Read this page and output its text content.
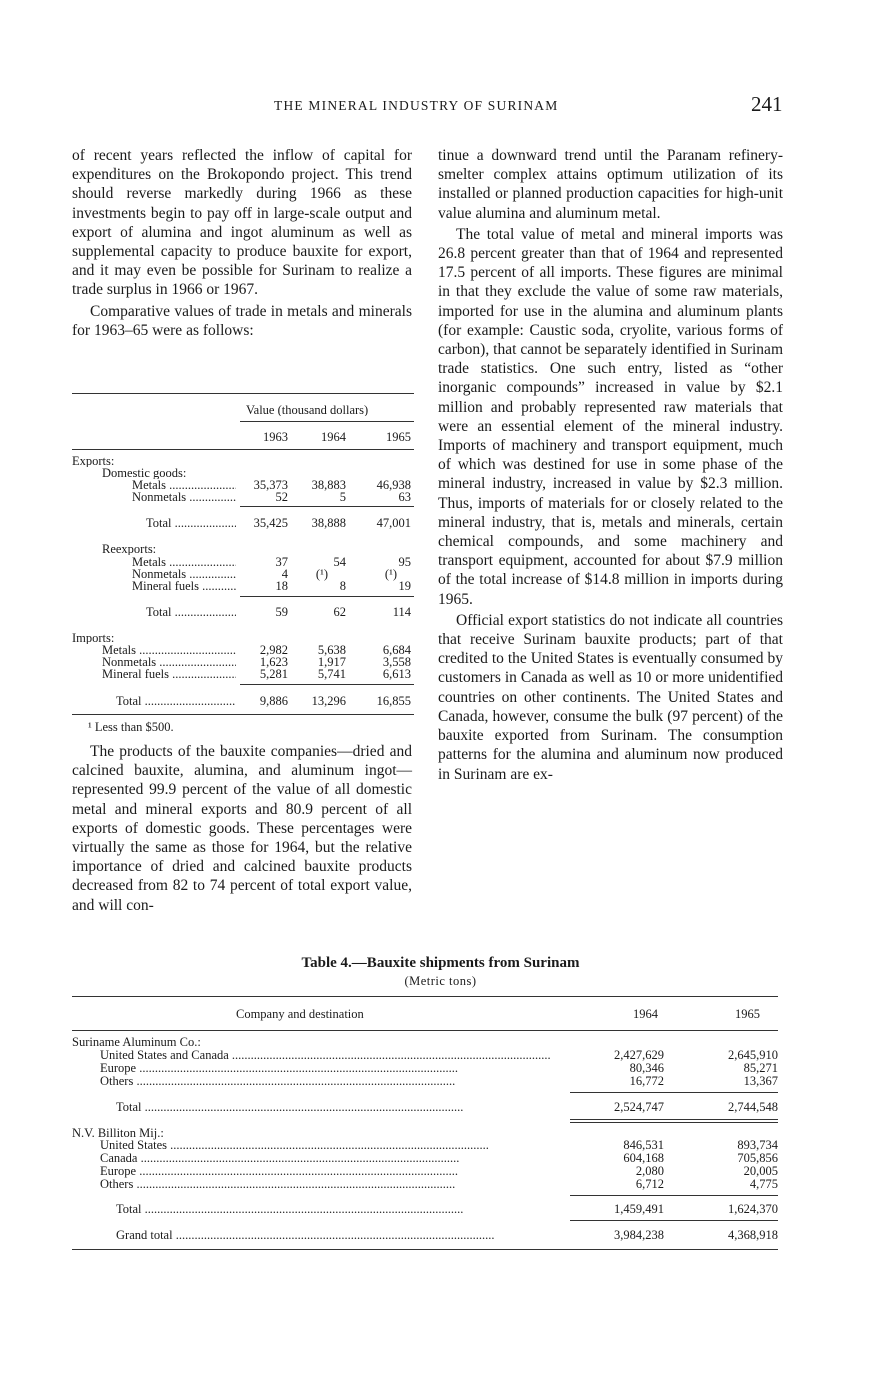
THE MINERAL INDUSTRY OF SURINAM	241

of recent years reflected the inflow of capital for expenditures on the Brokopondo project. This trend should reverse markedly during 1966 as these investments begin to pay off in large-scale output and export of alumina and ingot aluminum as well as supplemental capacity to produce bauxite for export, and it may even be possible for Surinam to realize a trade surplus in 1966 or 1967.

Comparative values of trade in metals and minerals for 1963–65 were as follows:

Value (thousand dollars)
1963	1964	1965
Exports:
Domestic goods:
Metals .....	35,373	38,883	46,938
Nonmetals .....	52	5	63
Total .....	35,425	38,888	47,001
Reexports:
Metals .....	37	54	95
Nonmetals .....	4	(¹)	(¹)
Mineral fuels .....	18	8	19
Total .....	59	62	114
Imports:
Metals .....	2,982	5,638	6,684
Nonmetals .....	1,623	1,917	3,558
Mineral fuels .....	5,281	5,741	6,613
Total .....	9,886	13,296	16,855
¹ Less than $500.

The products of the bauxite companies—dried and calcined bauxite, alumina, and aluminum ingot—represented 99.9 percent of the value of all domestic metal and mineral exports and 80.9 percent of all exports of domestic goods. These percentages were virtually the same as those for 1964, but the relative importance of dried and calcined bauxite products decreased from 82 to 74 percent of total export value, and will con-

tinue a downward trend until the Paranam refinery-smelter complex attains optimum utilization of its installed or planned production capacities for high-unit value alumina and aluminum metal.

The total value of metal and mineral imports was 26.8 percent greater than that of 1964 and represented 17.5 percent of all imports. These figures are minimal in that they exclude the value of some raw materials, imported for use in the alumina and aluminum plants (for example: Caustic soda, cryolite, various forms of carbon), that cannot be separately identified in Surinam trade statistics. One such entry, listed as “other inorganic compounds” increased in value by $2.1 million and probably represented raw materials that were an essential element of the mineral industry. Imports of machinery and transport equipment, much of which was destined for use in some phase of the mineral industry, increased in value by $2.3 million. Thus, imports of materials for or closely related to the mineral industry, that is, metals and minerals, certain chemical compounds, and some machinery and transport equipment, accounted for about $7.9 million of the total increase of $14.8 million in imports during 1965.

Official export statistics do not indicate all countries that receive Surinam bauxite products; part of that credited to the United States is eventually consumed by customers in Canada as well as 10 or more unidentified countries on other continents. The United States and Canada, however, consume the bulk (97 percent) of the bauxite exported from Surinam. The consumption patterns for the alumina and aluminum now produced in Surinam are ex-

Table 4.—Bauxite shipments from Surinam
(Metric tons)
Company and destination	1964	1965
Suriname Aluminum Co.:
United States and Canada .....	2,427,629	2,645,910
Europe .....	80,346	85,271
Others .....	16,772	13,367
Total .....	2,524,747	2,744,548
N.V. Billiton Mij.:
United States .....	846,531	893,734
Canada .....	604,168	705,856
Europe .....	2,080	20,005
Others .....	6,712	4,775
Total .....	1,459,491	1,624,370
Grand total .....	3,984,238	4,368,918
